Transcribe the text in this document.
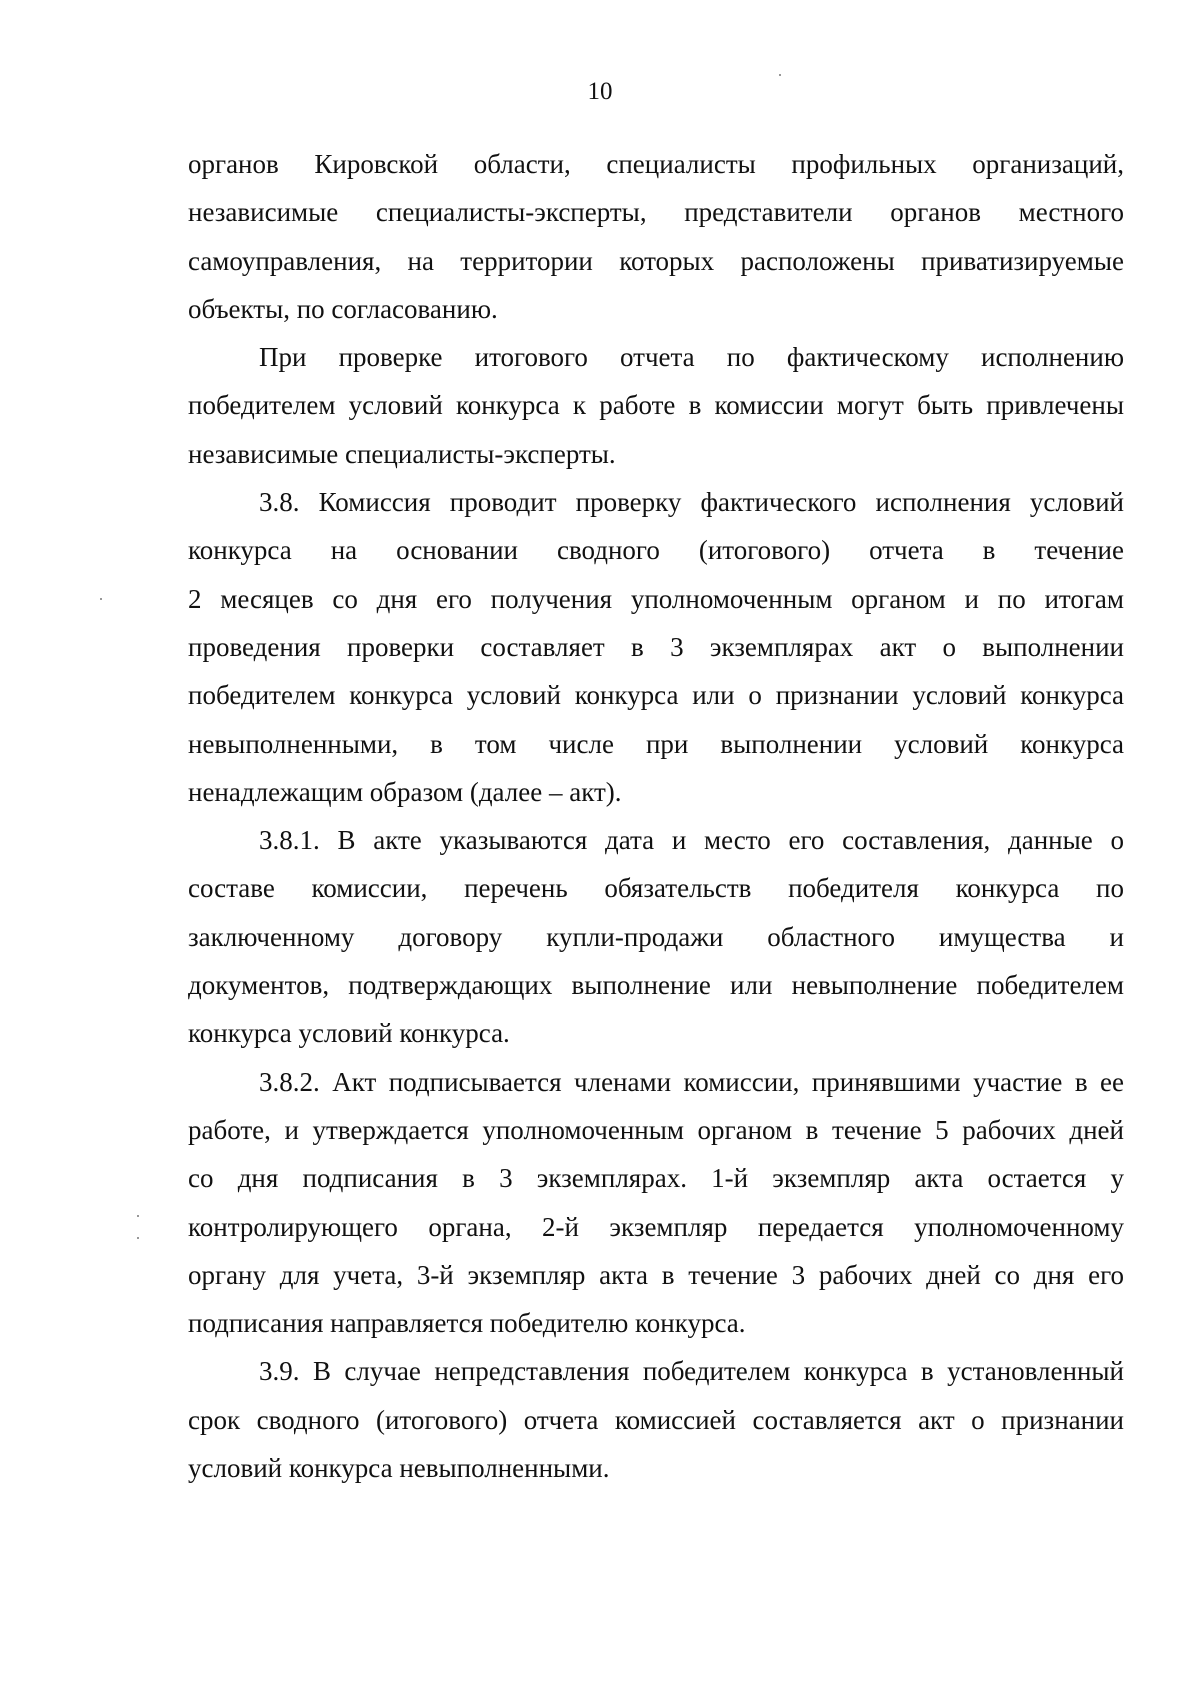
10

органов Кировской области, специалисты профильных организаций,
независимые специалисты-эксперты, представители органов местного
самоуправления, на территории которых расположены приватизируемые
объекты, по согласованию.

При проверке итогового отчета по фактическому исполнению
победителем условий конкурса к работе в комиссии могут быть привлечены
независимые специалисты-эксперты.

3.8. Комиссия проводит проверку фактического исполнения условий
конкурса на основании сводного (итогового) отчета в течение
2 месяцев со дня его получения уполномоченным органом и по итогам
проведения проверки составляет в 3 экземплярах акт о выполнении
победителем конкурса условий конкурса или о признании условий конкурса
невыполненными, в том числе при выполнении условий конкурса
ненадлежащим образом (далее – акт).

3.8.1. В акте указываются дата и место его составления, данные о
составе комиссии, перечень обязательств победителя конкурса по
заключенному договору купли-продажи областного имущества и
документов, подтверждающих выполнение или невыполнение победителем
конкурса условий конкурса.

3.8.2. Акт подписывается членами комиссии, принявшими участие в ее
работе, и утверждается уполномоченным органом в течение 5 рабочих дней
со дня подписания в 3 экземплярах. 1-й экземпляр акта остается у
контролирующего органа, 2-й экземпляр передается уполномоченному
органу для учета, 3-й экземпляр акта в течение 3 рабочих дней со дня его
подписания направляется победителю конкурса.

3.9. В случае непредставления победителем конкурса в установленный
срок сводного (итогового) отчета комиссией составляется акт о признании
условий конкурса невыполненными.
